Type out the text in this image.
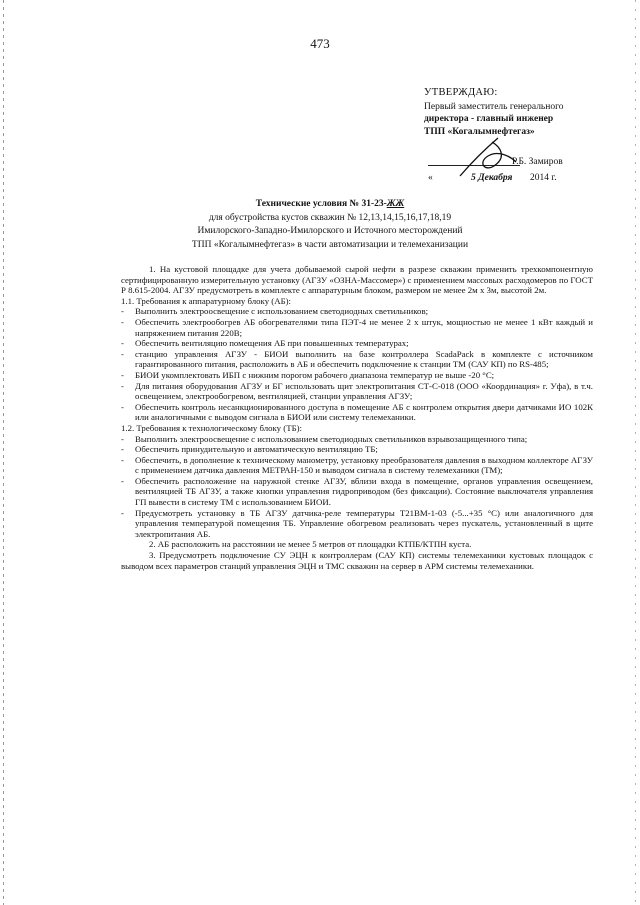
473
УТВЕРЖДАЮ:
Первый заместитель генерального
директора - главный инженер
ТПП «Когалымнефтегаз»
Р.Б. Замиров
«	5 Декабря 2014 г.
Технические условия № 31-23-ЖЖ
для обустройства кустов скважин № 12,13,14,15,16,17,18,19
Имилорского-Западно-Имилорского и Источного месторождений
ТПП «Когалымнефтегаз» в части автоматизации и телемеханизации

1. На кустовой площадке для учета добываемой сырой нефти в разрезе скважин применить трехкомпонентную сертифицированную измерительную установку (АГЗУ «ОЗНА-Массомер») с применением массовых расходомеров по ГОСТ Р 8.615-2004. АГЗУ предусмотреть в комплекте с аппаратурным блоком, размером не менее 2м х 3м, высотой 2м.

1.1. Требования к аппаратурному блоку (АБ):

-	Выполнить электроосвещение с использованием светодиодных светильников;
-	Обеспечить электрообогрев АБ обогревателями типа ПЭТ-4 не менее 2 х штук, мощностью не менее 1 кВт каждый и напряжением питания 220В;
-	Обеспечить вентиляцию помещения АБ при повышенных температурах;
-	станцию управления АГЗУ - БИОИ выполнить на базе контроллера ScadaPack в комплекте с источником гарантированного питания, расположить в АБ и обеспечить подключение к станции ТМ (САУ КП) по RS-485;
-	БИОИ укомплектовать ИБП с нижним порогом рабочего диапазона температур не выше -20 °С;
-	Для питания оборудования АГЗУ и БГ использовать щит электропитания СТ-С-018 (ООО «Координация» г. Уфа), в т.ч. освещением, электрообогревом, вентиляцией, станции управления АГЗУ;
-	Обеспечить контроль несанкционированного доступа в помещение АБ с контролем открытия двери датчиками ИО 102К или аналогичными с выводом сигнала в БИОИ или систему телемеханики.

1.2. Требования к технологическому блоку (ТБ):

-	Выполнить электроосвещение с использованием светодиодных светильников взрывозащищенного типа;
-	Обеспечить принудительную и автоматическую вентиляцию ТБ;
-	Обеспечить, в дополнение к техническому манометру, установку преобразователя давления в выходном коллекторе АГЗУ с применением датчика давления МЕТРАН-150 и выводом сигнала в систему телемеханики (ТМ);
-	Обеспечить расположение на наружной стенке АГЗУ, вблизи входа в помещение, органов управления освещением, вентиляцией ТБ АГЗУ, а также кнопки управления гидроприводом (без фиксации). Состояние выключателя управления ГП вывести в систему ТМ с использованием БИОИ.
-	Предусмотреть установку в ТБ АГЗУ датчика-реле температуры Т21ВМ-1-03 (-5...+35 °С) или аналогичного для управления температурой помещения ТБ. Управление обогревом реализовать через пускатель, установленный в щите электропитания АБ.

2. АБ расположить на расстоянии не менее 5 метров от площадки КТПБ/КТПН куста.

3. Предусмотреть подключение СУ ЭЦН к контроллерам (САУ КП) системы телемеханики кустовых площадок с выводом всех параметров станций управления ЭЦН и ТМС скважин на сервер в АРМ системы телемеханики.
